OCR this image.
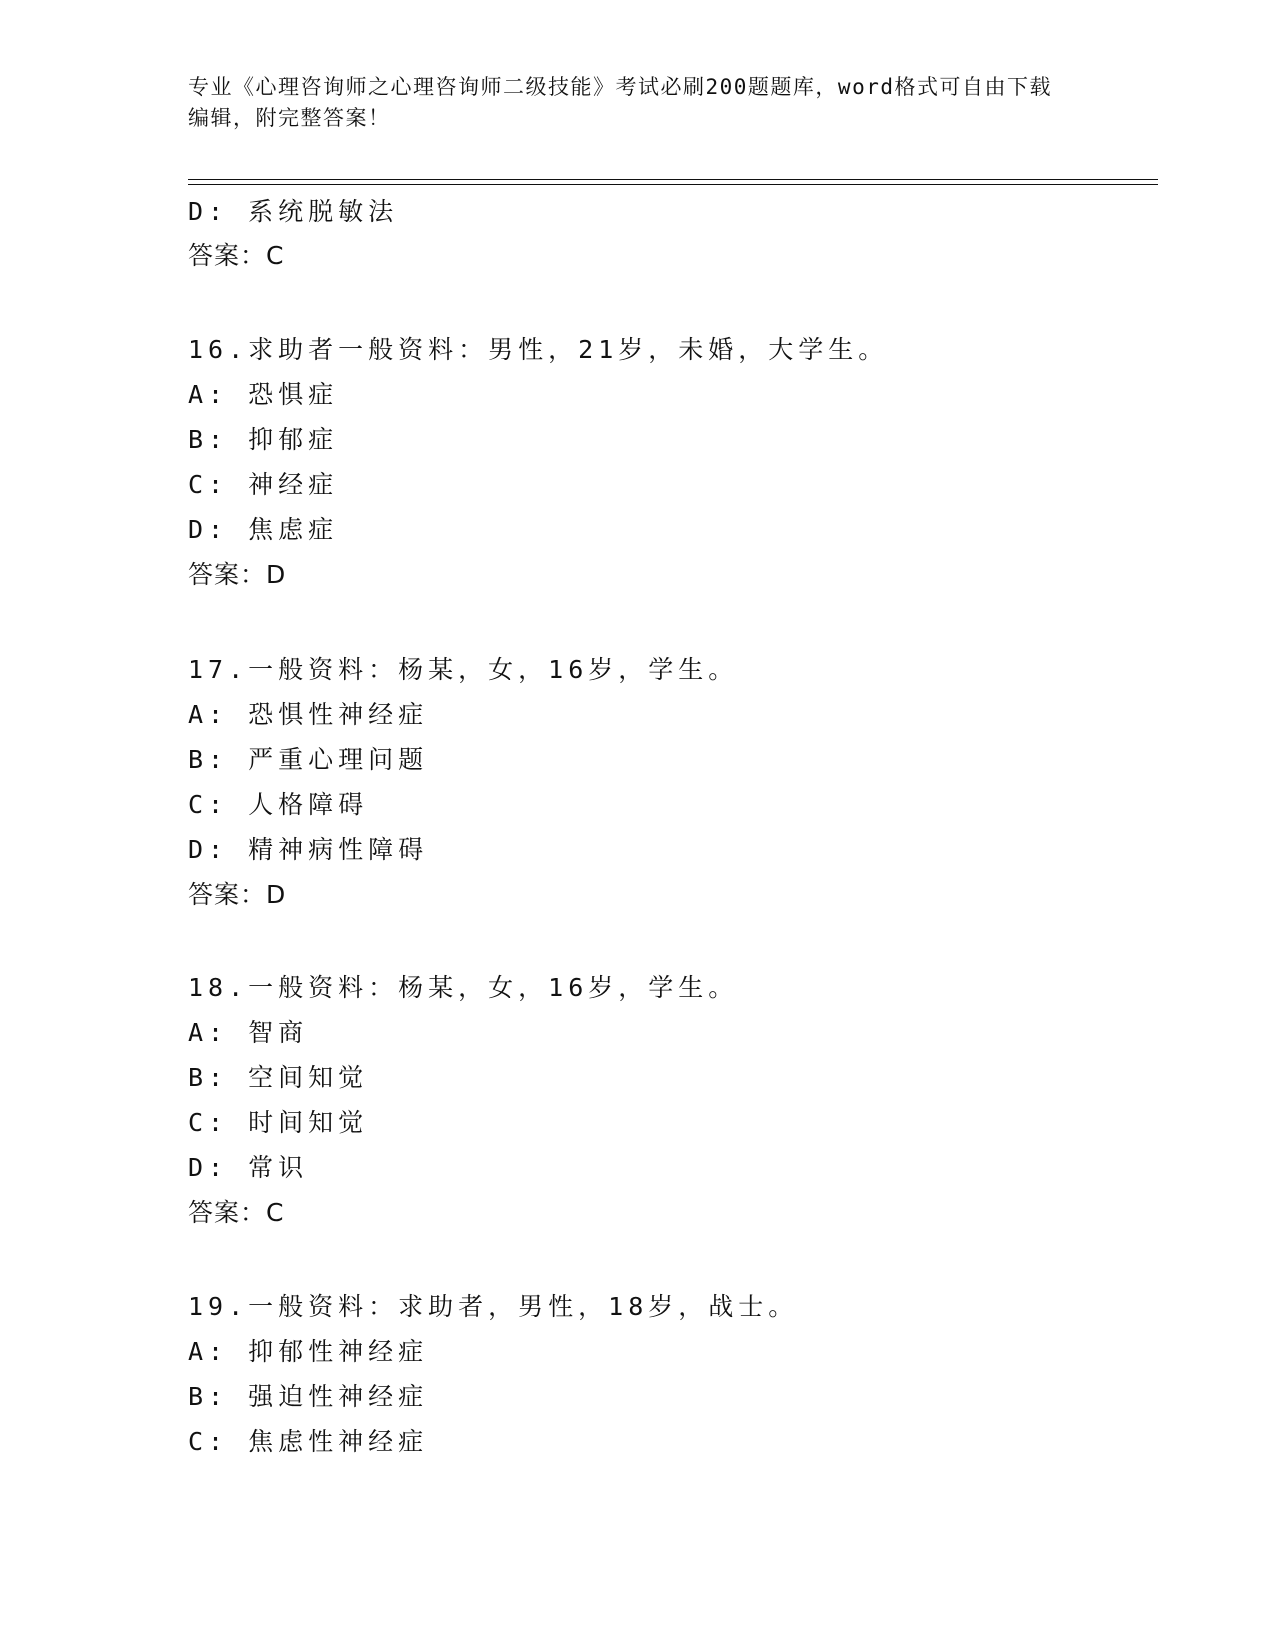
专业《心理咨询师之心理咨询师二级技能》考试必刷200题题库，word格式可自由下载编辑，附完整答案！
D: 系统脱敏法
答案：C
16.求助者一般资料：男性，21岁，未婚，大学生。
A: 恐惧症
B: 抑郁症
C: 神经症
D: 焦虑症
答案：D
17.一般资料：杨某，女，16岁，学生。
A: 恐惧性神经症
B: 严重心理问题
C: 人格障碍
D: 精神病性障碍
答案：D
18.一般资料：杨某，女，16岁，学生。
A: 智商
B: 空间知觉
C: 时间知觉
D: 常识
答案：C
19.一般资料：求助者，男性，18岁，战士。
A: 抑郁性神经症
B: 强迫性神经症
C: 焦虑性神经症
